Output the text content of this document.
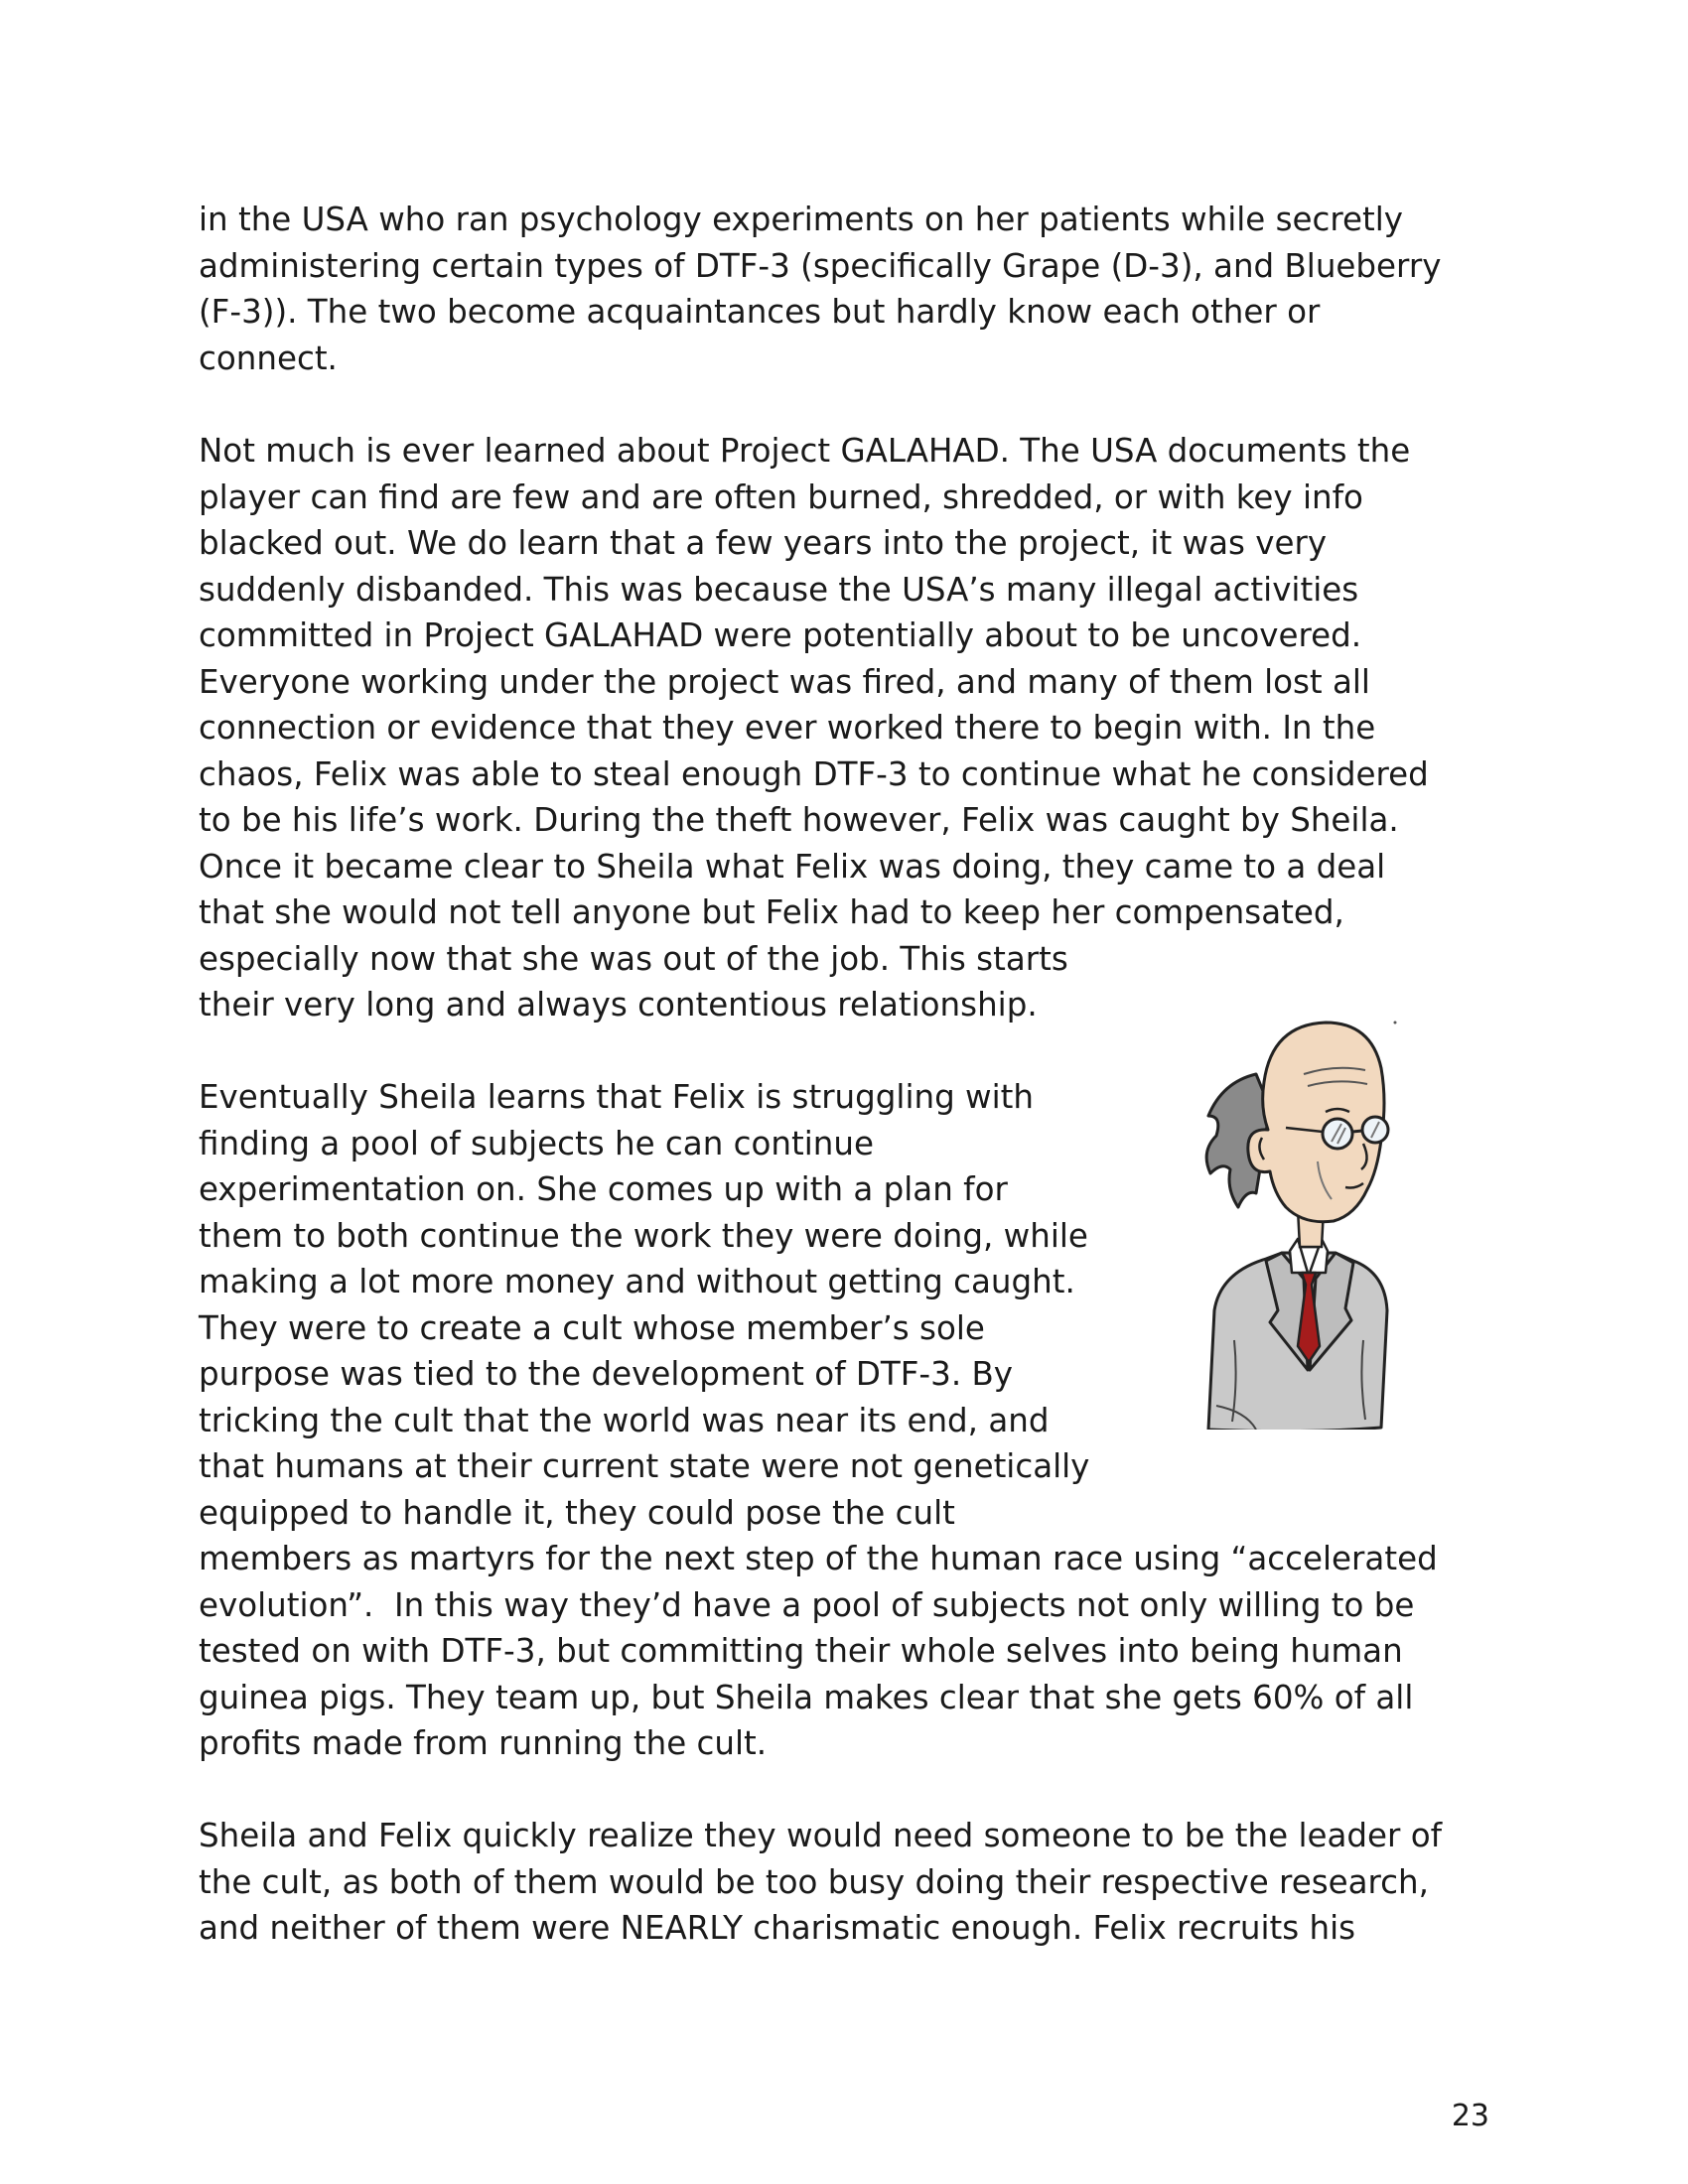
in the USA who ran psychology experiments on her patients while secretly
administering certain types of DTF-3 (specifically Grape (D-3), and Blueberry
(F-3)). The two become acquaintances but hardly know each other or
connect.

Not much is ever learned about Project GALAHAD. The USA documents the
player can find are few and are often burned, shredded, or with key info
blacked out. We do learn that a few years into the project, it was very
suddenly disbanded. This was because the USA’s many illegal activities
committed in Project GALAHAD were potentially about to be uncovered.
Everyone working under the project was fired, and many of them lost all
connection or evidence that they ever worked there to begin with. In the
chaos, Felix was able to steal enough DTF-3 to continue what he considered
to be his life’s work. During the theft however, Felix was caught by Sheila.
Once it became clear to Sheila what Felix was doing, they came to a deal
that she would not tell anyone but Felix had to keep her compensated,
especially now that she was out of the job. This starts
their very long and always contentious relationship.

Eventually Sheila learns that Felix is struggling with
finding a pool of subjects he can continue
experimentation on. She comes up with a plan for
them to both continue the work they were doing, while
making a lot more money and without getting caught.
They were to create a cult whose member’s sole
purpose was tied to the development of DTF-3. By
tricking the cult that the world was near its end, and
that humans at their current state were not genetically
equipped to handle it, they could pose the cult
members as martyrs for the next step of the human race using “accelerated
evolution”.  In this way they’d have a pool of subjects not only willing to be
tested on with DTF-3, but committing their whole selves into being human
guinea pigs. They team up, but Sheila makes clear that she gets 60% of all
profits made from running the cult.

Sheila and Felix quickly realize they would need someone to be the leader of
the cult, as both of them would be too busy doing their respective research,
and neither of them were NEARLY charismatic enough. Felix recruits his

23
